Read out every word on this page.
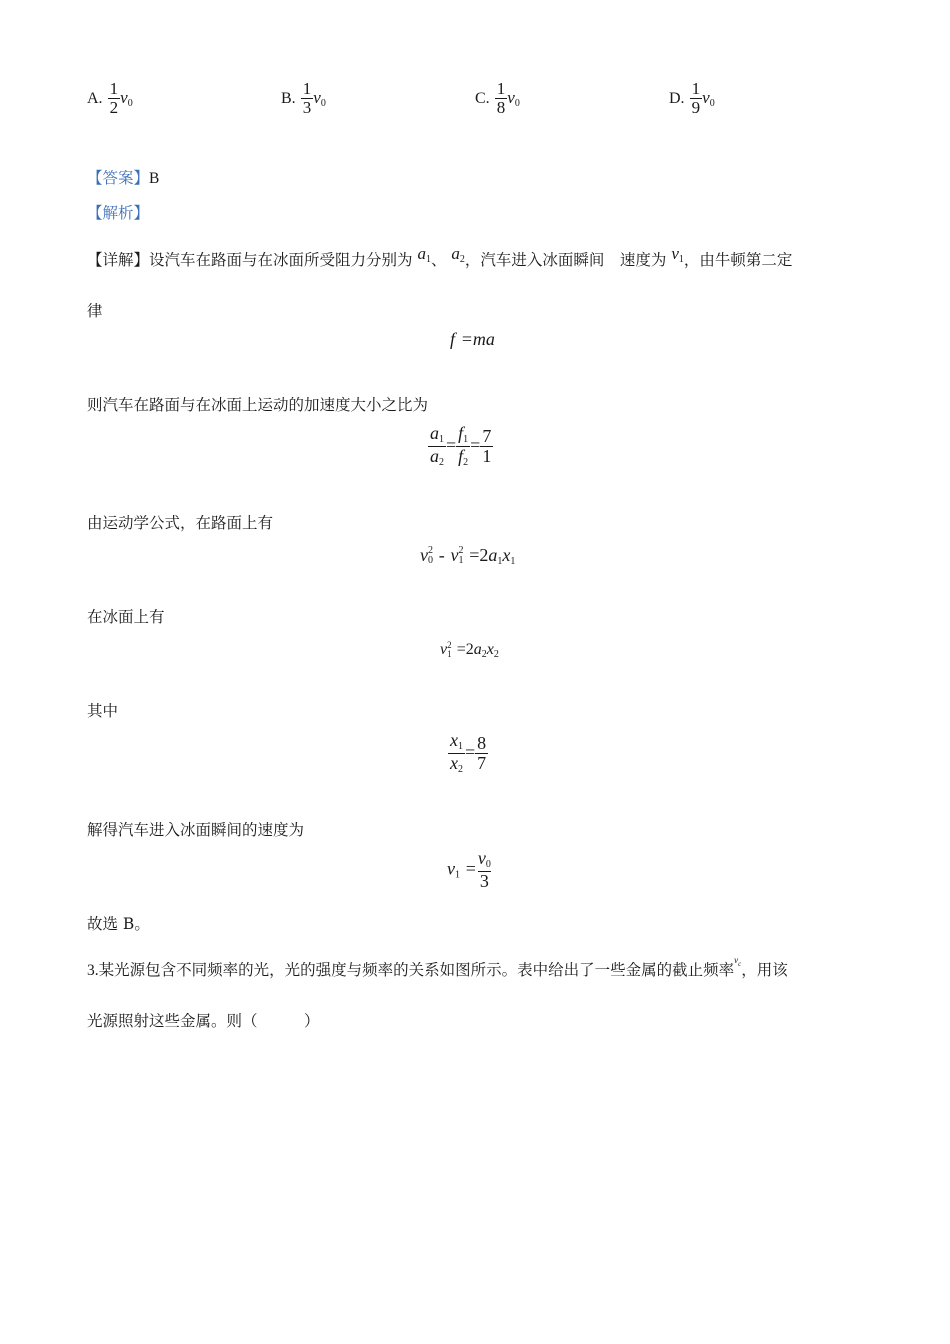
A. $\frac{1}{2} v_0$	B. $\frac{1}{3} v_0$	C. $\frac{1}{8} v_0$	D. $\frac{1}{9} v_0$
【答案】B
【解析】
【详解】设汽车在路面与在冰面所受阻力分别为 $a_1$、 $a_2$，汽车进入冰面瞬间　速度为 $v_1$，由牛顿第二定
律
f =ma
则汽车在路面与在冰面上运动的加速度大小之比为
$\frac{a_1}{a_2} = \frac{f_1}{f_2} = \frac{7}{1}$
由运动学公式，在路面上有
v 2
0 - v 2
$1 =2a_1x_1$
在冰面上有
v 2
$1 =2a_2x_2$
其中
$\frac{x_1}{x_2} = \frac{8}{7}$
解得汽车进入冰面瞬间的速度为
$v_1 = \frac{v_0}{3}$
故选 B。
3.某光源包含不同频率的光，光的强度与频率的关系如图所示。表中给出了一些金属的截止频率$^\nu_c$，用该
光源照射这些金属。则（　　　）
